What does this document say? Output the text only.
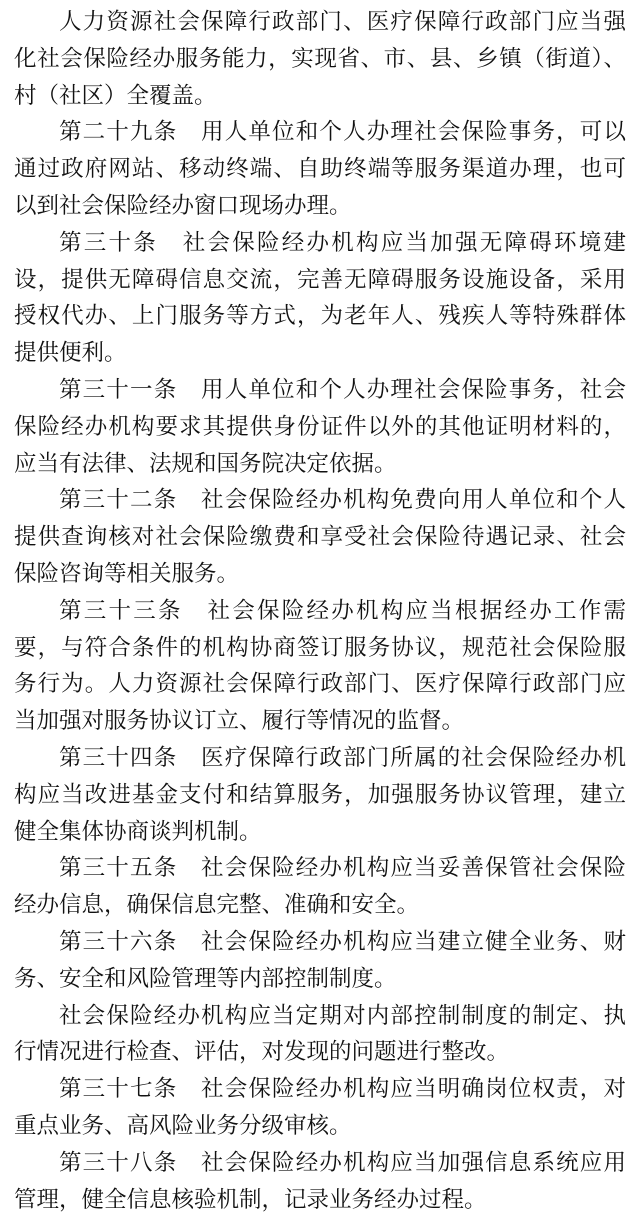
人力资源社会保障行政部门、医疗保障行政部门应当强
化社会保险经办服务能力，实现省、市、县、乡镇（街道）、
村（社区）全覆盖。
第二十九条　用人单位和个人办理社会保险事务，可以
通过政府网站、移动终端、自助终端等服务渠道办理，也可
以到社会保险经办窗口现场办理。
第三十条　社会保险经办机构应当加强无障碍环境建
设，提供无障碍信息交流，完善无障碍服务设施设备，采用
授权代办、上门服务等方式，为老年人、残疾人等特殊群体
提供便利。
第三十一条　用人单位和个人办理社会保险事务，社会
保险经办机构要求其提供身份证件以外的其他证明材料的，
应当有法律、法规和国务院决定依据。
第三十二条　社会保险经办机构免费向用人单位和个人
提供查询核对社会保险缴费和享受社会保险待遇记录、社会
保险咨询等相关服务。
第三十三条　社会保险经办机构应当根据经办工作需
要，与符合条件的机构协商签订服务协议，规范社会保险服
务行为。人力资源社会保障行政部门、医疗保障行政部门应
当加强对服务协议订立、履行等情况的监督。
第三十四条　医疗保障行政部门所属的社会保险经办机
构应当改进基金支付和结算服务，加强服务协议管理，建立
健全集体协商谈判机制。
第三十五条　社会保险经办机构应当妥善保管社会保险
经办信息，确保信息完整、准确和安全。
第三十六条　社会保险经办机构应当建立健全业务、财
务、安全和风险管理等内部控制制度。
社会保险经办机构应当定期对内部控制制度的制定、执
行情况进行检查、评估，对发现的问题进行整改。
第三十七条　社会保险经办机构应当明确岗位权责，对
重点业务、高风险业务分级审核。
第三十八条　社会保险经办机构应当加强信息系统应用
管理，健全信息核验机制，记录业务经办过程。
